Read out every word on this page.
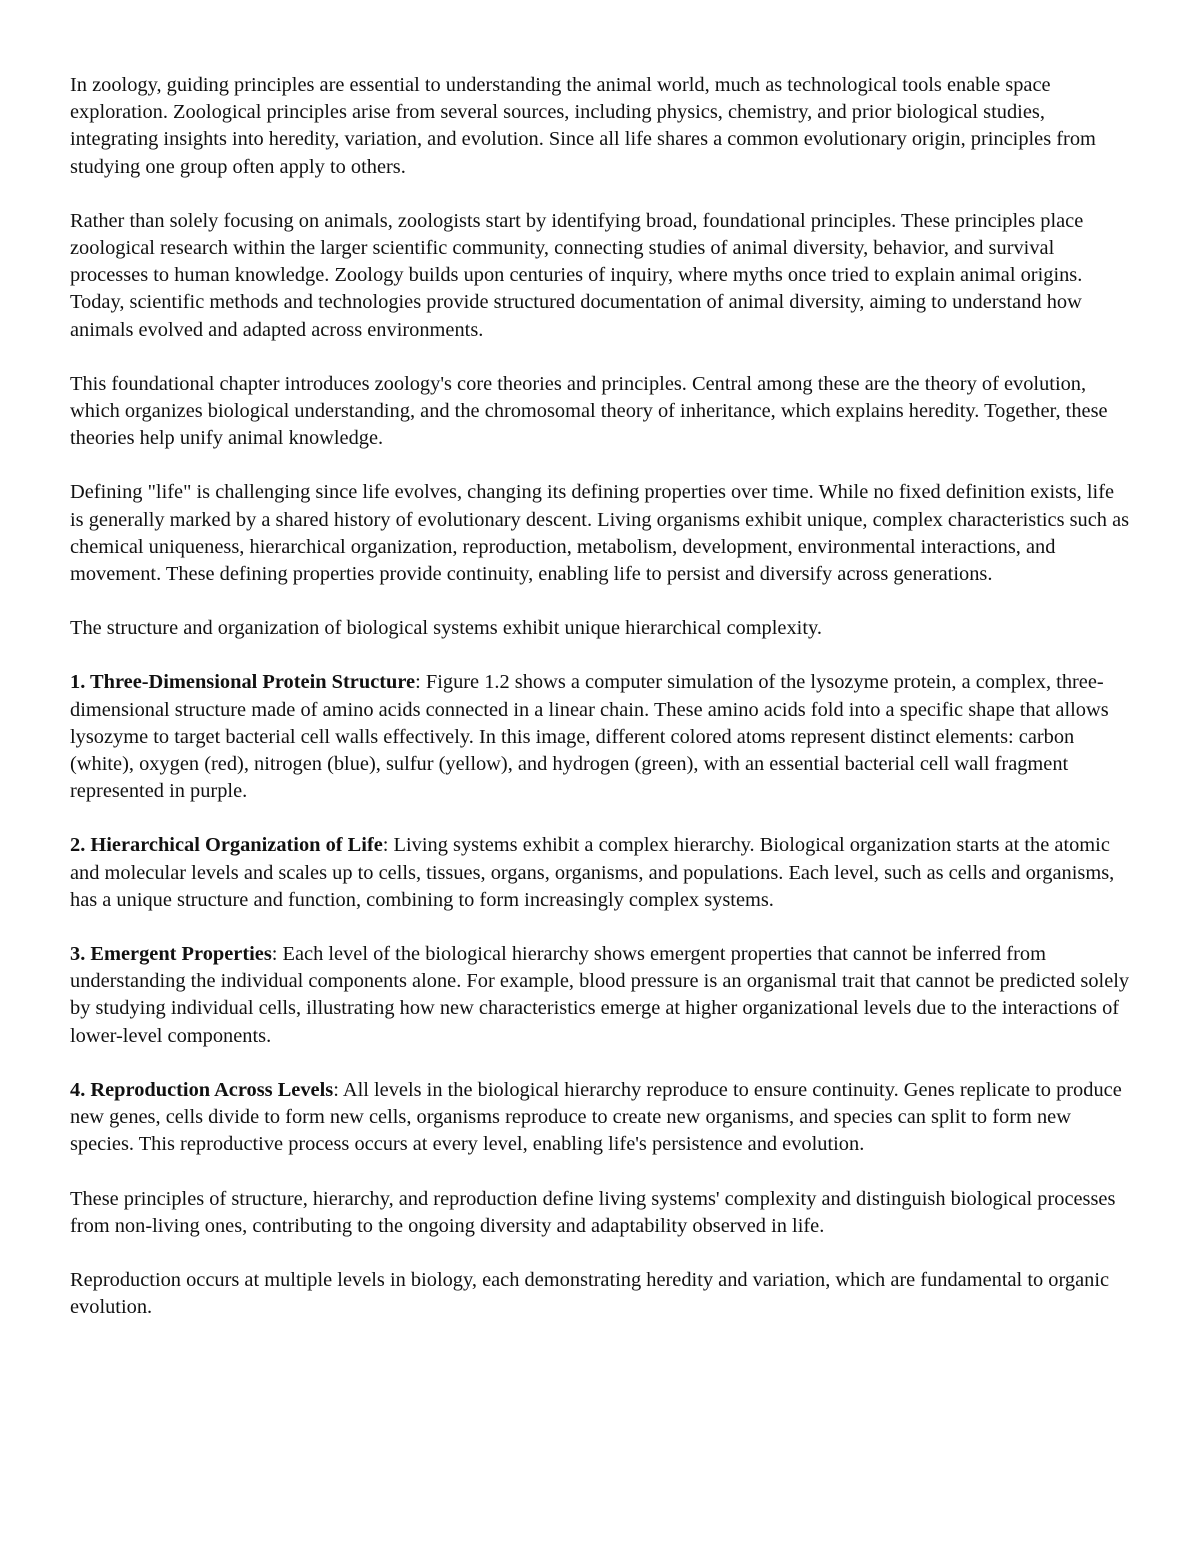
In zoology, guiding principles are essential to understanding the animal world, much as technological tools enable space exploration. Zoological principles arise from several sources, including physics, chemistry, and prior biological studies, integrating insights into heredity, variation, and evolution. Since all life shares a common evolutionary origin, principles from studying one group often apply to others.

Rather than solely focusing on animals, zoologists start by identifying broad, foundational principles. These principles place zoological research within the larger scientific community, connecting studies of animal diversity, behavior, and survival processes to human knowledge. Zoology builds upon centuries of inquiry, where myths once tried to explain animal origins. Today, scientific methods and technologies provide structured documentation of animal diversity, aiming to understand how animals evolved and adapted across environments.

This foundational chapter introduces zoology's core theories and principles. Central among these are the theory of evolution, which organizes biological understanding, and the chromosomal theory of inheritance, which explains heredity. Together, these theories help unify animal knowledge.

Defining "life" is challenging since life evolves, changing its defining properties over time. While no fixed definition exists, life is generally marked by a shared history of evolutionary descent. Living organisms exhibit unique, complex characteristics such as chemical uniqueness, hierarchical organization, reproduction, metabolism, development, environmental interactions, and movement. These defining properties provide continuity, enabling life to persist and diversify across generations.

The structure and organization of biological systems exhibit unique hierarchical complexity.

1. Three-Dimensional Protein Structure: Figure 1.2 shows a computer simulation of the lysozyme protein, a complex, three-dimensional structure made of amino acids connected in a linear chain. These amino acids fold into a specific shape that allows lysozyme to target bacterial cell walls effectively. In this image, different colored atoms represent distinct elements: carbon (white), oxygen (red), nitrogen (blue), sulfur (yellow), and hydrogen (green), with an essential bacterial cell wall fragment represented in purple.

2. Hierarchical Organization of Life: Living systems exhibit a complex hierarchy. Biological organization starts at the atomic and molecular levels and scales up to cells, tissues, organs, organisms, and populations. Each level, such as cells and organisms, has a unique structure and function, combining to form increasingly complex systems.

3. Emergent Properties: Each level of the biological hierarchy shows emergent properties that cannot be inferred from understanding the individual components alone. For example, blood pressure is an organismal trait that cannot be predicted solely by studying individual cells, illustrating how new characteristics emerge at higher organizational levels due to the interactions of lower-level components.

4. Reproduction Across Levels: All levels in the biological hierarchy reproduce to ensure continuity. Genes replicate to produce new genes, cells divide to form new cells, organisms reproduce to create new organisms, and species can split to form new species. This reproductive process occurs at every level, enabling life's persistence and evolution.

These principles of structure, hierarchy, and reproduction define living systems' complexity and distinguish biological processes from non-living ones, contributing to the ongoing diversity and adaptability observed in life.

Reproduction occurs at multiple levels in biology, each demonstrating heredity and variation, which are fundamental to organic evolution.
